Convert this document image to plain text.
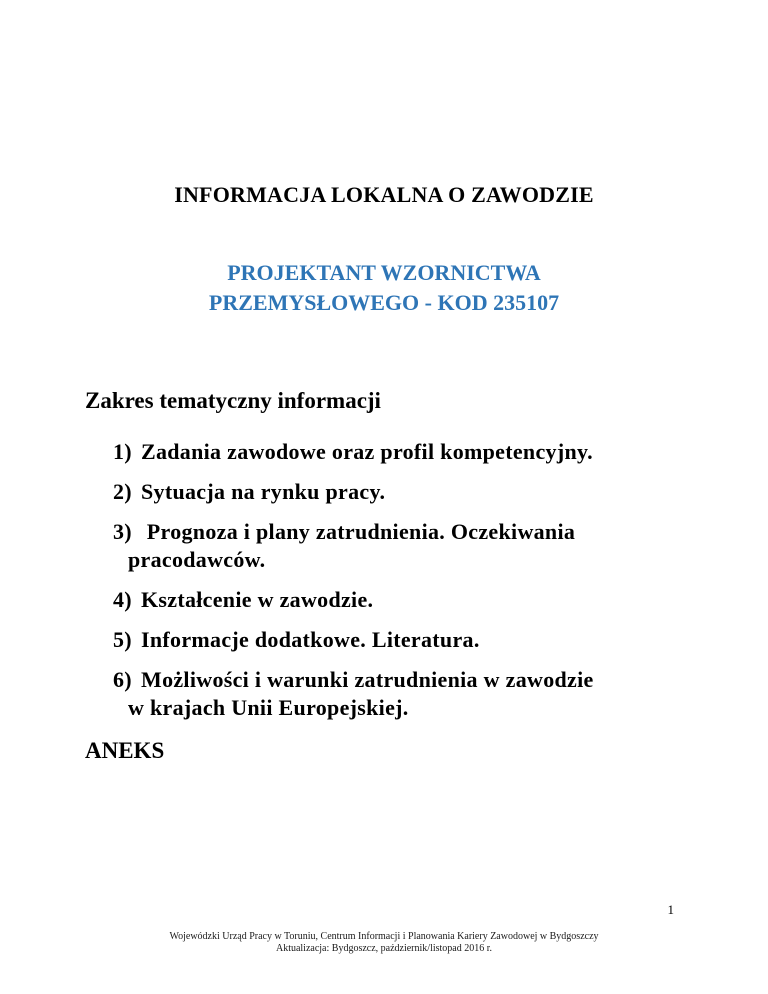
INFORMACJA LOKALNA O ZAWODZIE
PROJEKTANT WZORNICTWA
PRZEMYSŁOWEGO - KOD 235107
Zakres tematyczny informacji
1) Zadania zawodowe oraz profil kompetencyjny.
2) Sytuacja na rynku pracy.
3) Prognoza i plany zatrudnienia. Oczekiwania
pracodawców.
4) Kształcenie w zawodzie.
5) Informacje dodatkowe. Literatura.
6) Możliwości i warunki zatrudnienia w zawodzie
w krajach Unii Europejskiej.
ANEKS
1
Wojewódzki Urząd Pracy w Toruniu, Centrum Informacji i Planowania Kariery Zawodowej w Bydgoszczy
Aktualizacja: Bydgoszcz, październik/listopad 2016 r.
